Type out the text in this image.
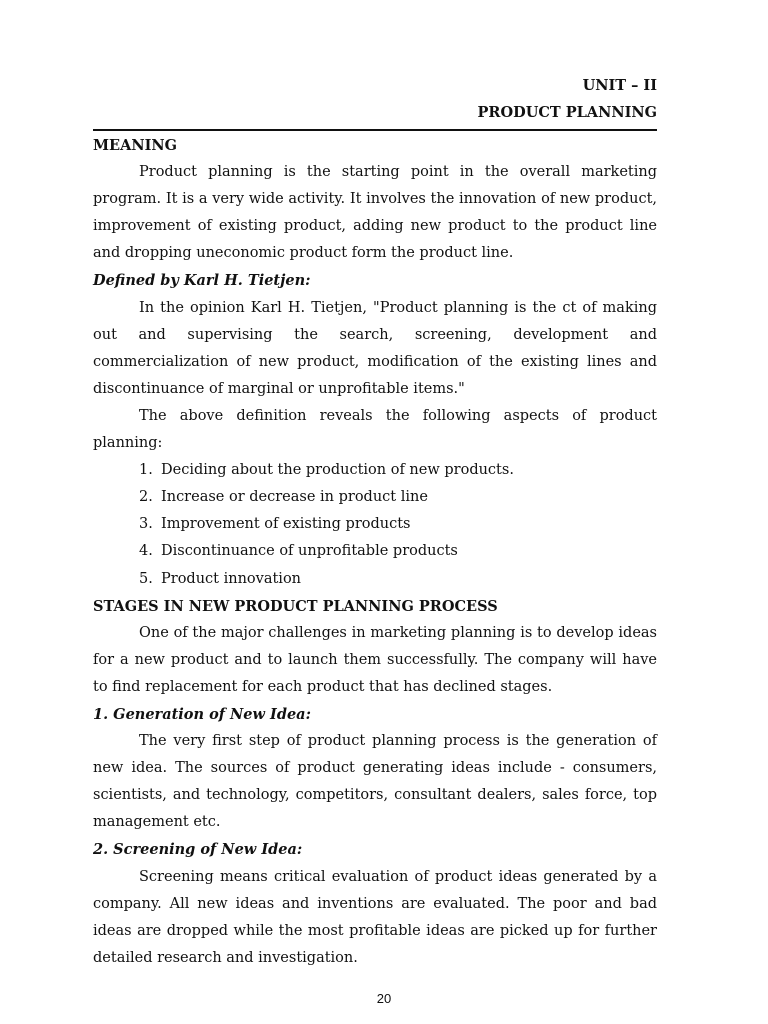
UNIT – II
PRODUCT PLANNING

MEANING

Product planning is the starting point in the overall marketing program. It is a very wide activity. It involves the innovation of new product, improvement of existing product, adding new product to the product line and dropping uneconomic product form the product line.

Defined by Karl H. Tietjen:

In the opinion Karl H. Tietjen, "Product planning is the ct of making out and supervising the search, screening, development and commercialization of new product, modification of the existing lines and discontinuance of marginal or unprofitable items."

The above definition reveals the following aspects of product planning:

1. Deciding about the production of new products.
2. Increase or decrease in product line
3. Improvement of existing products
4. Discontinuance of unprofitable products
5. Product innovation

STAGES IN NEW PRODUCT PLANNING PROCESS

One of the major challenges in marketing planning is to develop ideas for a new product and to launch them successfully. The company will have to find replacement for each product that has declined stages.

1. Generation of New Idea:

The very first step of product planning process is the generation of new idea. The sources of product generating ideas include - consumers, scientists, and technology, competitors, consultant dealers, sales force, top management etc.

2. Screening of New Idea:

Screening means critical evaluation of product ideas generated by a company. All new ideas and inventions are evaluated. The poor and bad ideas are dropped while the most profitable ideas are picked up for further detailed research and investigation.

20
